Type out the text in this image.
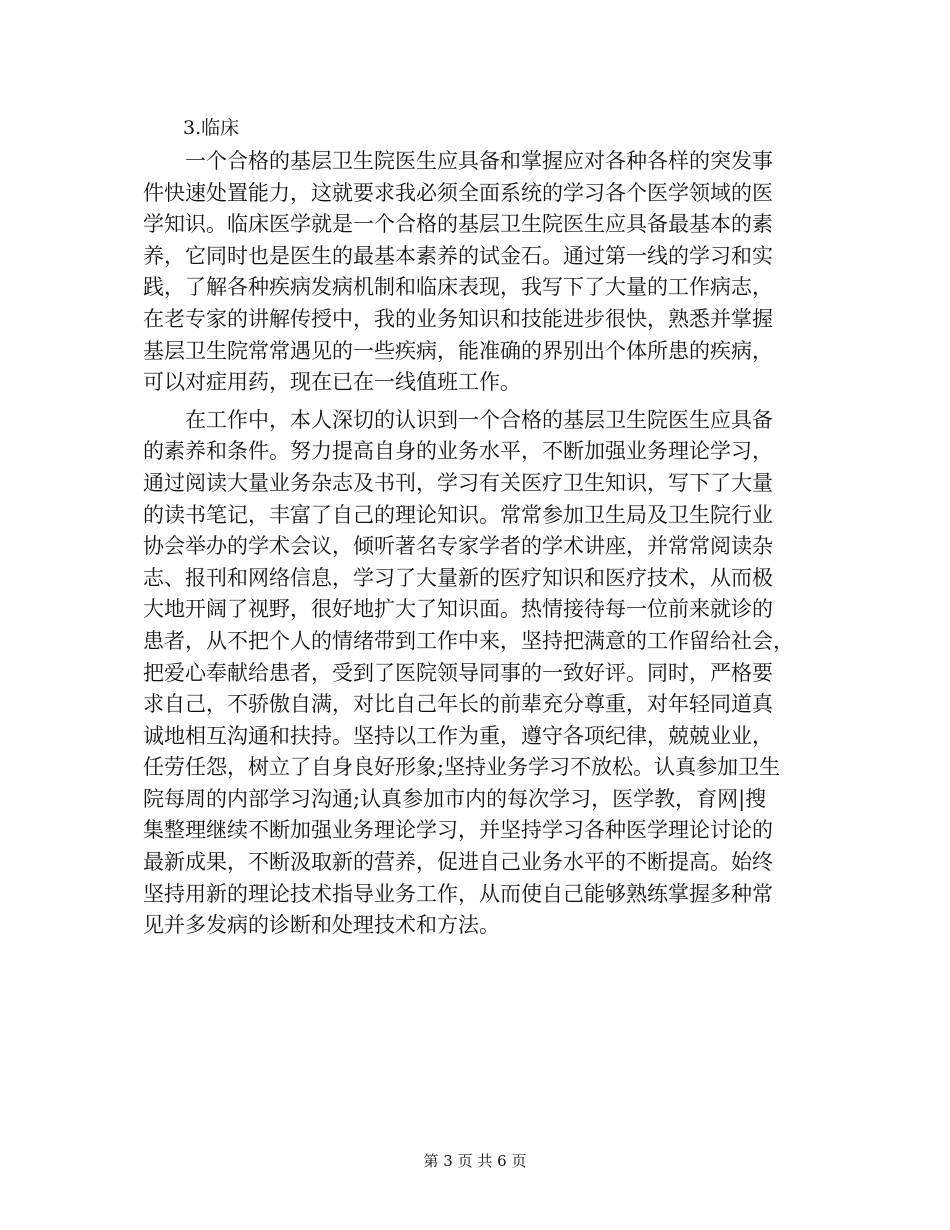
3.临床
一个合格的基层卫生院医生应具备和掌握应对各种各样的突发事
件快速处置能力，这就要求我必须全面系统的学习各个医学领域的医
学知识。临床医学就是一个合格的基层卫生院医生应具备最基本的素
养，它同时也是医生的最基本素养的试金石。通过第一线的学习和实
践，了解各种疾病发病机制和临床表现，我写下了大量的工作病志，
在老专家的讲解传授中，我的业务知识和技能进步很快，熟悉并掌握
基层卫生院常常遇见的一些疾病，能准确的界别出个体所患的疾病，
可以对症用药，现在已在一线值班工作。
在工作中，本人深切的认识到一个合格的基层卫生院医生应具备
的素养和条件。努力提高自身的业务水平，不断加强业务理论学习，
通过阅读大量业务杂志及书刊，学习有关医疗卫生知识，写下了大量
的读书笔记，丰富了自己的理论知识。常常参加卫生局及卫生院行业
协会举办的学术会议，倾听著名专家学者的学术讲座，并常常阅读杂
志、报刊和网络信息，学习了大量新的医疗知识和医疗技术，从而极
大地开阔了视野，很好地扩大了知识面。热情接待每一位前来就诊的
患者，从不把个人的情绪带到工作中来，坚持把满意的工作留给社会，
把爱心奉献给患者，受到了医院领导同事的一致好评。同时，严格要
求自己，不骄傲自满，对比自己年长的前辈充分尊重，对年轻同道真
诚地相互沟通和扶持。坚持以工作为重，遵守各项纪律，兢兢业业，
任劳任怨，树立了自身良好形象;坚持业务学习不放松。认真参加卫生
院每周的内部学习沟通;认真参加市内的每次学习，医学教，育网|搜
集整理继续不断加强业务理论学习，并坚持学习各种医学理论讨论的
最新成果，不断汲取新的营养，促进自己业务水平的不断提高。始终
坚持用新的理论技术指导业务工作，从而使自己能够熟练掌握多种常
见并多发病的诊断和处理技术和方法。
第 3 页 共 6 页
